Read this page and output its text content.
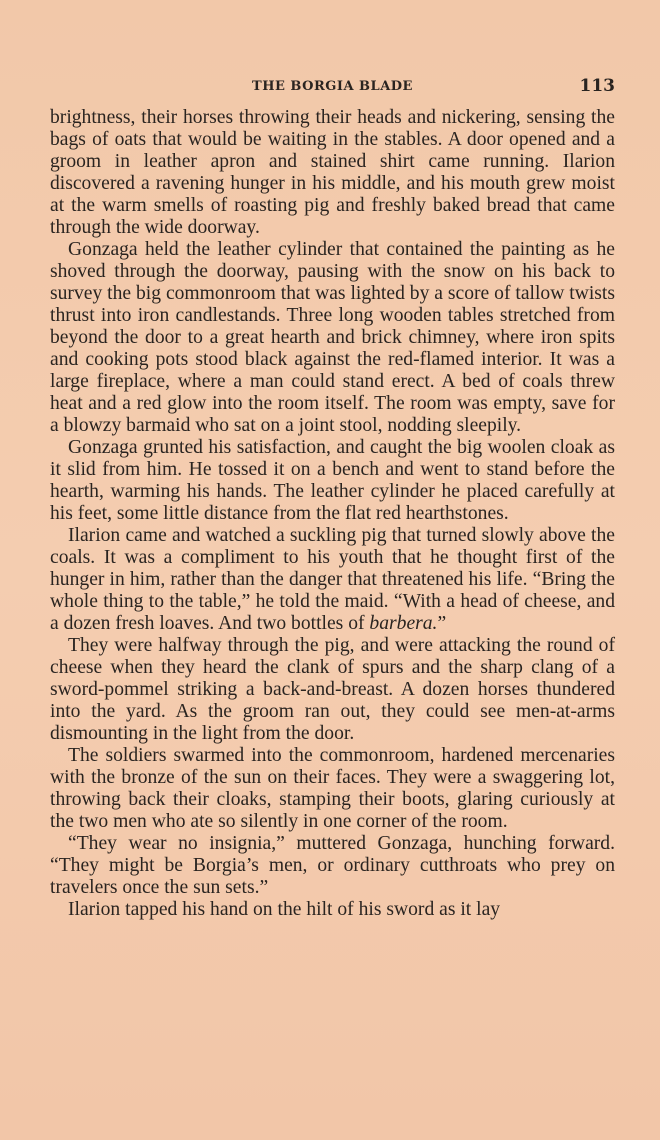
THE BORGIA BLADE	113

brightness, their horses throwing their heads and nickering, sensing the bags of oats that would be waiting in the stables. A door opened and a groom in leather apron and stained shirt came running. Ilarion discovered a ravening hunger in his middle, and his mouth grew moist at the warm smells of roasting pig and freshly baked bread that came through the wide doorway.

Gonzaga held the leather cylinder that contained the painting as he shoved through the doorway, pausing with the snow on his back to survey the big commonroom that was lighted by a score of tallow twists thrust into iron candlestands. Three long wooden tables stretched from beyond the door to a great hearth and brick chimney, where iron spits and cooking pots stood black against the red-flamed interior. It was a large fireplace, where a man could stand erect. A bed of coals threw heat and a red glow into the room itself. The room was empty, save for a blowzy barmaid who sat on a joint stool, nodding sleepily.

Gonzaga grunted his satisfaction, and caught the big woolen cloak as it slid from him. He tossed it on a bench and went to stand before the hearth, warming his hands. The leather cylinder he placed carefully at his feet, some little distance from the flat red hearthstones.

Ilarion came and watched a suckling pig that turned slowly above the coals. It was a compliment to his youth that he thought first of the hunger in him, rather than the danger that threatened his life. “Bring the whole thing to the table,” he told the maid. “With a head of cheese, and a dozen fresh loaves. And two bottles of barbera.”

They were halfway through the pig, and were attacking the round of cheese when they heard the clank of spurs and the sharp clang of a sword-pommel striking a back-and-breast. A dozen horses thundered into the yard. As the groom ran out, they could see men-at-arms dismounting in the light from the door.

The soldiers swarmed into the commonroom, hardened mercenaries with the bronze of the sun on their faces. They were a swaggering lot, throwing back their cloaks, stamping their boots, glaring curiously at the two men who ate so silently in one corner of the room.

“They wear no insignia,” muttered Gonzaga, hunching forward. “They might be Borgia’s men, or ordinary cutthroats who prey on travelers once the sun sets.”

Ilarion tapped his hand on the hilt of his sword as it lay
